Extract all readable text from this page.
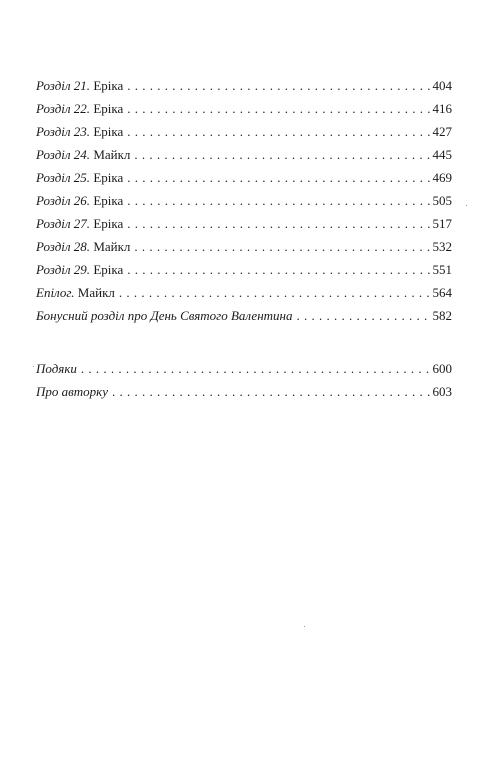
Розділ 21. Еріка . . .	404
Розділ 22. Еріка . . .	416
Розділ 23. Еріка . . .	427
Розділ 24. Майкл . . .	445
Розділ 25. Еріка . . .	469
Розділ 26. Еріка . . .	505
Розділ 27. Еріка . . .	517
Розділ 28. Майкл . . .	532
Розділ 29. Еріка . . .	551
Епілог. Майкл . . .	564
Бонусний розділ про День Святого Валентина . . .	582
Подяки . . .	600
Про авторку . . .	603
